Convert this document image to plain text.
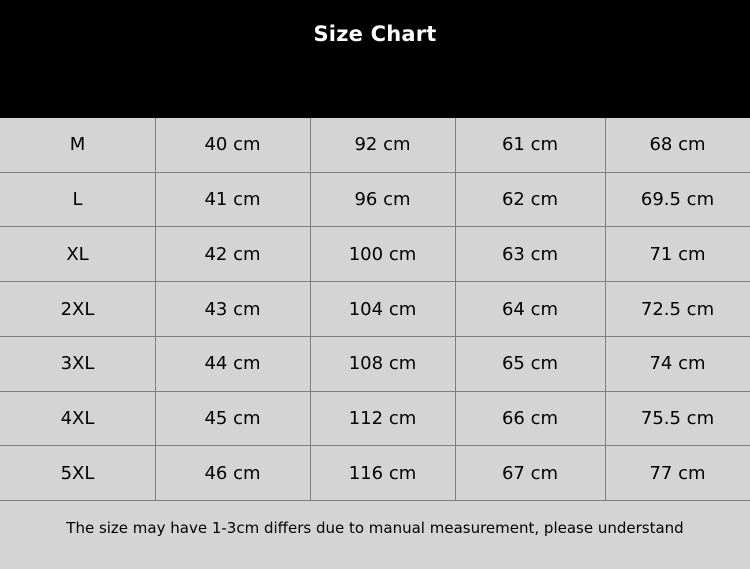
Size Chart
Size	Shoulder	Bust	Sleeve	Length
M	40 cm	92 cm	61 cm	68 cm
L	41 cm	96 cm	62 cm	69.5 cm
XL	42 cm	100 cm	63 cm	71 cm
2XL	43 cm	104 cm	64 cm	72.5 cm
3XL	44 cm	108 cm	65 cm	74 cm
4XL	45 cm	112 cm	66 cm	75.5 cm
5XL	46 cm	116 cm	67 cm	77 cm
The size may have 1-3cm differs due to manual measurement, please understand
